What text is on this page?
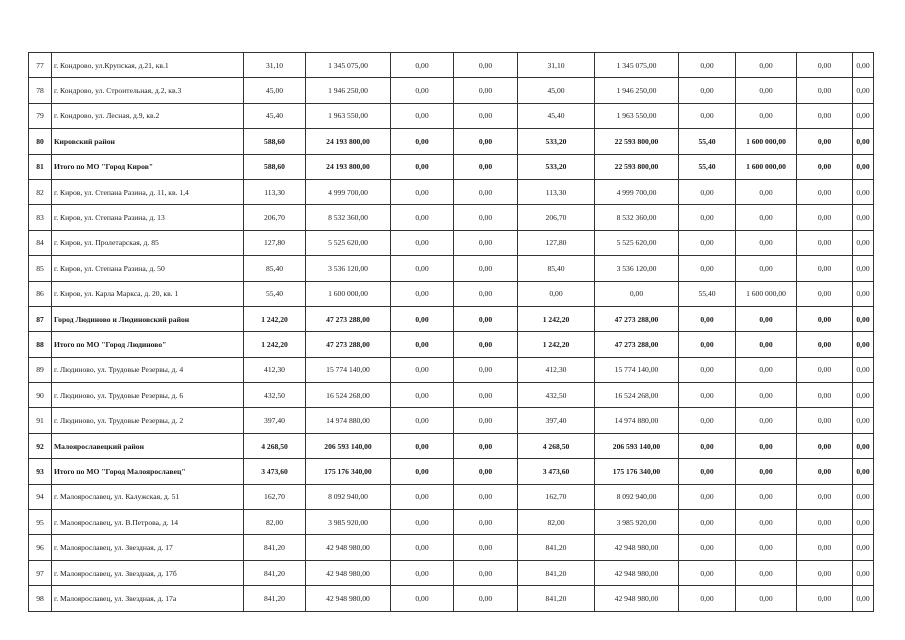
77	г. Кондрово, ул.Крупская, д.21, кв.1	31,10	1 345 075,00	0,00	0,00	31,10	1 345 075,00	0,00	0,00	0,00	0,00
78	г. Кондрово, ул. Строительная, д.2, кв.3	45,00	1 946 250,00	0,00	0,00	45,00	1 946 250,00	0,00	0,00	0,00	0,00
79	г. Кондрово, ул. Лесная, д.9, кв.2	45,40	1 963 550,00	0,00	0,00	45,40	1 963 550,00	0,00	0,00	0,00	0,00
80	Кировский район	588,60	24 193 800,00	0,00	0,00	533,20	22 593 800,00	55,40	1 600 000,00	0,00	0,00
81	Итого по МО "Город Киров"	588,60	24 193 800,00	0,00	0,00	533,20	22 593 800,00	55,40	1 600 000,00	0,00	0,00
82	г. Киров, ул. Степана Разина, д. 11, кв. 1,4	113,30	4 999 700,00	0,00	0,00	113,30	4 999 700,00	0,00	0,00	0,00	0,00
83	г. Киров, ул. Степана Разина, д. 13	206,70	8 532 360,00	0,00	0,00	206,70	8 532 360,00	0,00	0,00	0,00	0,00
84	г. Киров, ул. Пролетарская, д. 85	127,80	5 525 620,00	0,00	0,00	127,80	5 525 620,00	0,00	0,00	0,00	0,00
85	г. Киров, ул. Степана Разина, д. 50	85,40	3 536 120,00	0,00	0,00	85,40	3 536 120,00	0,00	0,00	0,00	0,00
86	г. Киров, ул. Карла Маркса, д. 20, кв. 1	55,40	1 600 000,00	0,00	0,00	0,00	0,00	55,40	1 600 000,00	0,00	0,00
87	Город Людиново и Людиновский район	1 242,20	47 273 288,00	0,00	0,00	1 242,20	47 273 288,00	0,00	0,00	0,00	0,00
88	Итого по МО "Город Людиново"	1 242,20	47 273 288,00	0,00	0,00	1 242,20	47 273 288,00	0,00	0,00	0,00	0,00
89	г. Людиново, ул. Трудовые Резервы, д. 4	412,30	15 774 140,00	0,00	0,00	412,30	15 774 140,00	0,00	0,00	0,00	0,00
90	г. Людиново, ул. Трудовые Резервы, д. 6	432,50	16 524 268,00	0,00	0,00	432,50	16 524 268,00	0,00	0,00	0,00	0,00
91	г. Людиново, ул. Трудовые Резервы, д. 2	397,40	14 974 880,00	0,00	0,00	397,40	14 974 880,00	0,00	0,00	0,00	0,00
92	Малоярославецкий район	4 268,50	206 593 140,00	0,00	0,00	4 268,50	206 593 140,00	0,00	0,00	0,00	0,00
93	Итого по МО "Город Малоярославец"	3 473,60	175 176 340,00	0,00	0,00	3 473,60	175 176 340,00	0,00	0,00	0,00	0,00
94	г. Малоярославец, ул. Калужская, д. 51	162,70	8 092 940,00	0,00	0,00	162,70	8 092 940,00	0,00	0,00	0,00	0,00
95	г. Малоярославец, ул. В.Петрова, д. 14	82,00	3 985 920,00	0,00	0,00	82,00	3 985 920,00	0,00	0,00	0,00	0,00
96	г. Малоярославец, ул. Звездная, д. 17	841,20	42 948 980,00	0,00	0,00	841,20	42 948 980,00	0,00	0,00	0,00	0,00
97	г. Малоярославец, ул. Звездная, д. 17б	841,20	42 948 980,00	0,00	0,00	841,20	42 948 980,00	0,00	0,00	0,00	0,00
98	г. Малоярославец, ул. Звездная, д. 17а	841,20	42 948 980,00	0,00	0,00	841,20	42 948 980,00	0,00	0,00	0,00	0,00
